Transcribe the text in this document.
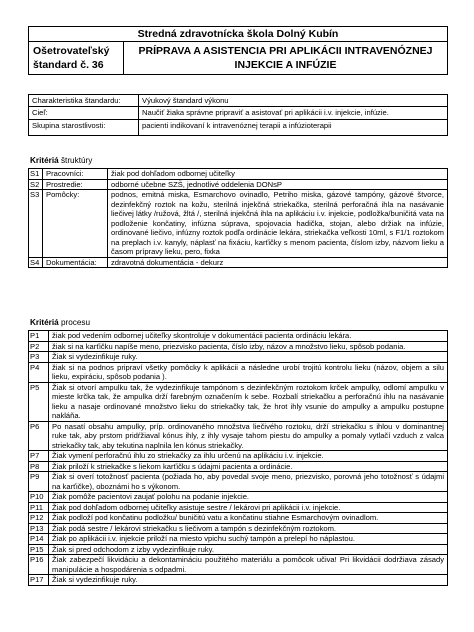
Stredná zdravotnícka škola Dolný Kubín

Ošetrovateľský
štandard č. 36

PRÍPRAVA A ASISTENCIA PRI APLIKÁCII INTRAVENÓZNEJ
INJEKCIE A INFÚZIE
Charakteristika štandardu:	Výukový štandard výkonu
Cieľ:	Naučiť žiaka správne pripraviť a asistovať pri aplikácii i.v. injekcie, infúzie.
Skupina starostlivosti:	pacienti indikovaní k intravenóznej terapii a infúzioterapii
Kritériá štruktúry
S1	Pracovníci:	žiak pod dohľadom odbornej učiteľky
S2	Prostredie:	odborné učebne SZŠ, jednotlivé oddelenia DONsP
S3	Pomôcky:	podnos, emitná miska, Esmarchovo ovinadlo, Petriho miska, gázové tampóny, gázové štvorce, dezinfekčný roztok na kožu, sterilná injekčná striekačka, sterilná perforačná ihla na nasávanie liečivej látky /ružová, žltá /, sterilná injekčná ihla na aplikáciu i.v. injekcie, podložka/buničitá vata na podloženie končatiny, infúzna súprava, spojovacia hadička, stojan, alebo držiak na infúzie, ordinované liečivo, infúzny roztok podľa ordinácie lekára, striekačka veľkosti 10ml, s F1/1 roztokom na preplach i.v. kanyly, náplasť na fixáciu, karťičky s menom pacienta, číslom izby, názvom lieku a časom prípravy lieku, pero, fixka
S4	Dokumentácia:	zdravotná dokumentácia - dekurz
Kritériá procesu
P1	žiak pod vedením odbornej učiteľky skontroluje v dokumentácii pacienta ordináciu lekára.
P2	žiak si na karťičku napíše meno, priezvisko pacienta, číslo izby, názov a množstvo lieku, spôsob podania.
P3	Žiak si vydezinfikuje ruky.
P4	žiak si na podnos pripraví všetky pomôcky k aplikácii a následne urobí trojitú kontrolu lieku (názov, objem a silu lieku, expiráciu, spôsob podania ).
P5	Žiak si otvorí ampulku tak, že vydezinfikuje tampónom s dezinfekčným roztokom krček ampulky, odlomí ampulku v mieste krčka tak, že ampulka drží farebným označením k sebe. Rozbalí striekačku a perforačnú ihlu na nasávanie lieku a nasaje ordinované množstvo lieku do striekačky tak, že hrot ihly vsunie do ampulky a ampulku postupne nakláňa.
P6	Po nasatí obsahu ampulky, príp. ordinovaného množstva liečivého roztoku, drží striekačku s ihlou v dominantnej ruke tak, aby prstom pridŕžiaval kónus ihly, z ihly vysaje tahom piestu do ampulky a pomaly vytlačí vzduch z valca striekačky tak, aby tekutina naplnila len kónus striekačky.
P7	Žiak vymení perforačnú ihlu zo striekačky za ihlu určenú na aplikáciu i.v. injekcie.
P8	Žiak priloží k striekačke s liekom karťičku s údajmi pacienta a ordinácie.
P9	Žiak si overí totožnosť pacienta (požiada ho, aby povedal svoje meno, priezvisko, porovná jeho totožnosť s údajmi na karťičke), oboznámi ho s výkonom.
P10	Žiak pomôže pacientovi zaujať polohu na podanie injekcie.
P11	Žiak pod dohľadom odbornej učiteľky asistuje sestre / lekárovi pri aplikácii i.v. injekcie.
P12	Žiak podloží pod končatinu podložku/ buničitú vatu a končatinu stiahne Esmarchovým ovinadlom.
P13	Žiak podá sestre / lekárovi striekačku s liečivom a tampón s dezinfekčným roztokom.
P14	Žiak po aplikácii i.v. injekcie priloží na miesto vpichu suchý tampón a prelepí ho náplastou.
P15	Žiak si pred odchodom z izby vydezinfikuje ruky.
P16	Žiak zabezpečí likvidáciu a dekontamináciu použitého materiálu a pomôcok učiva! Pri likvidácii dodržiava zásady manipulácie a hospodárenia s odpadmi.
P17	Žiak si vydezinfikuje ruky.
